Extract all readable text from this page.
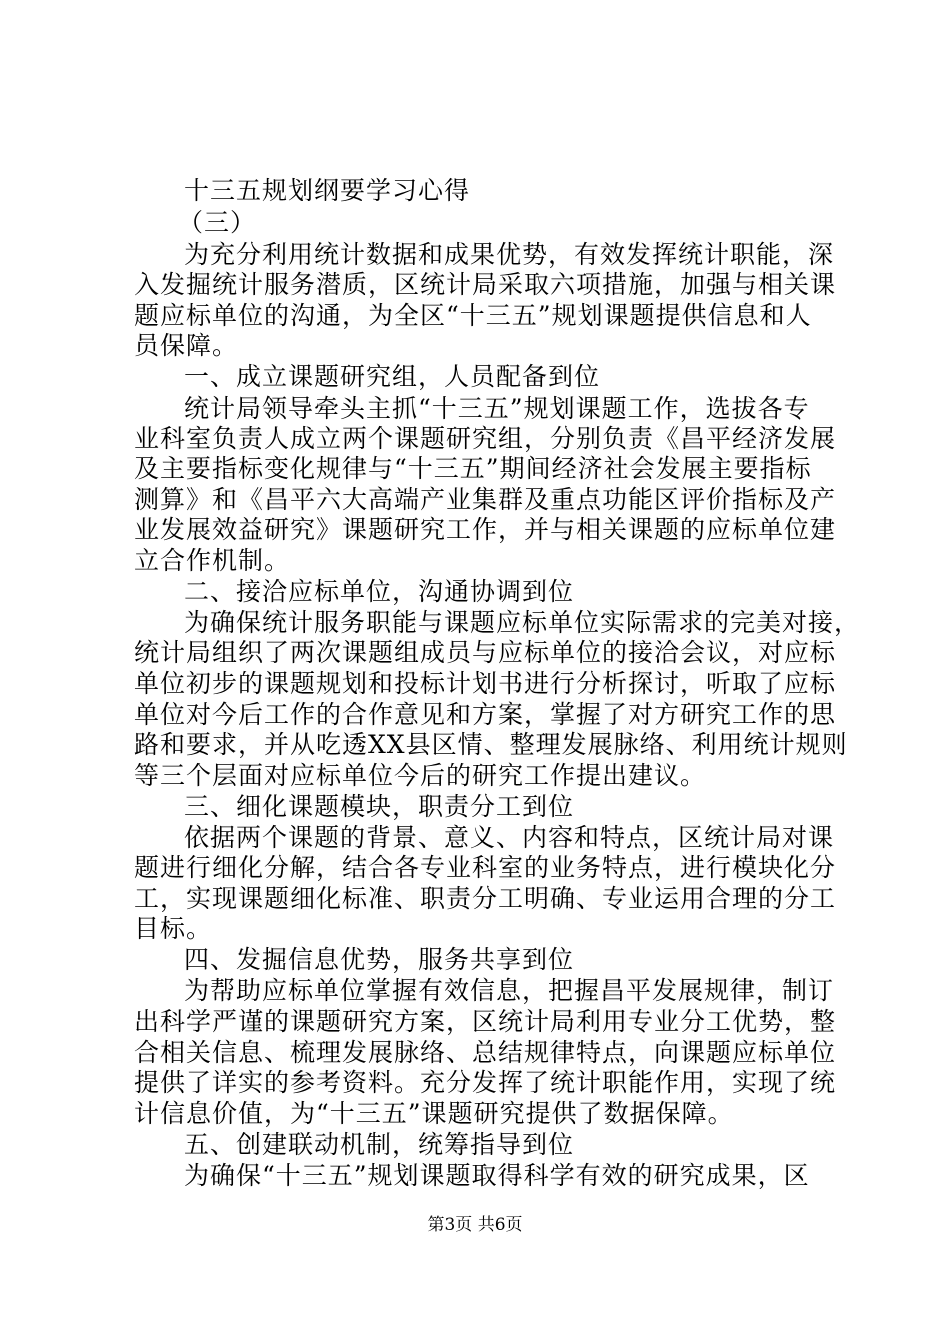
十三五规划纲要学习心得
（三）
为充分利用统计数据和成果优势，有效发挥统计职能，深
入发掘统计服务潜质，区统计局采取六项措施，加强与相关课
题应标单位的沟通，为全区“十三五”规划课题提供信息和人
员保障。
一、成立课题研究组，人员配备到位
统计局领导牵头主抓“十三五”规划课题工作，选拔各专
业科室负责人成立两个课题研究组，分别负责《昌平经济发展
及主要指标变化规律与“十三五”期间经济社会发展主要指标
测算》和《昌平六大高端产业集群及重点功能区评价指标及产
业发展效益研究》课题研究工作，并与相关课题的应标单位建
立合作机制。
二、接洽应标单位，沟通协调到位
为确保统计服务职能与课题应标单位实际需求的完美对接，
统计局组织了两次课题组成员与应标单位的接洽会议，对应标
单位初步的课题规划和投标计划书进行分析探讨，听取了应标
单位对今后工作的合作意见和方案，掌握了对方研究工作的思
路和要求，并从吃透XX县区情、整理发展脉络、利用统计规则
等三个层面对应标单位今后的研究工作提出建议。
三、细化课题模块，职责分工到位
依据两个课题的背景、意义、内容和特点，区统计局对课
题进行细化分解，结合各专业科室的业务特点，进行模块化分
工，实现课题细化标准、职责分工明确、专业运用合理的分工
目标。
四、发掘信息优势，服务共享到位
为帮助应标单位掌握有效信息，把握昌平发展规律，制订
出科学严谨的课题研究方案，区统计局利用专业分工优势，整
合相关信息、梳理发展脉络、总结规律特点，向课题应标单位
提供了详实的参考资料。充分发挥了统计职能作用，实现了统
计信息价值，为“十三五”课题研究提供了数据保障。
五、创建联动机制，统筹指导到位
为确保“十三五”规划课题取得科学有效的研究成果，区
第3页 共6页
